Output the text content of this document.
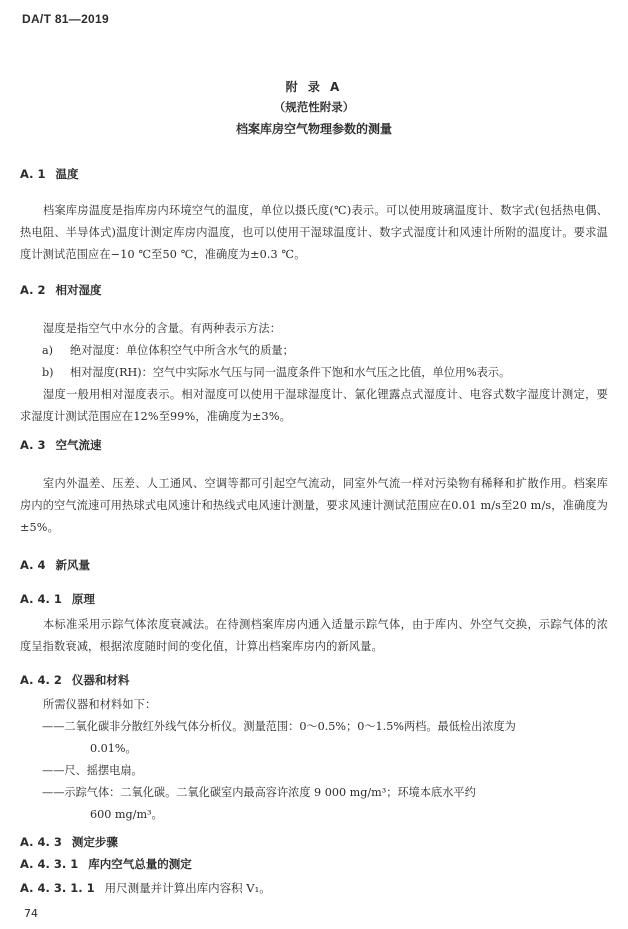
DA/T 81—2019
附 录 A
（规范性附录）
档案库房空气物理参数的测量
A. 1 温度
档案库房温度是指库房内环境空气的温度，单位以摄氏度(℃)表示。可以使用玻璃温度计、数字式(包括热电偶、热电阻、半导体式)温度计测定库房内温度，也可以使用干湿球温度计、数字式湿度计和风速计所附的温度计。要求温度计测试范围应在−10 ℃至50 ℃，准确度为±0.3 ℃。
A. 2 相对湿度
湿度是指空气中水分的含量。有两种表示方法：
a) 绝对湿度：单位体积空气中所含水气的质量；
b) 相对湿度(RH)：空气中实际水气压与同一温度条件下饱和水气压之比值，单位用%表示。
湿度一般用相对湿度表示。相对湿度可以使用干湿球湿度计、氯化锂露点式湿度计、电容式数字湿度计测定，要求湿度计测试范围应在12%至99%，准确度为±3%。
A. 3 空气流速
室内外温差、压差、人工通风、空调等都可引起空气流动，同室外气流一样对污染物有稀释和扩散作用。档案库房内的空气流速可用热球式电风速计和热线式电风速计测量，要求风速计测试范围应在0.01 m/s至20 m/s，准确度为±5%。
A. 4 新风量
A. 4. 1 原理
本标准采用示踪气体浓度衰减法。在待测档案库房内通入适量示踪气体，由于库内、外空气交换，示踪气体的浓度呈指数衰减，根据浓度随时间的变化值，计算出档案库房内的新风量。
A. 4. 2 仪器和材料
所需仪器和材料如下：
——二氧化碳非分散红外线气体分析仪。测量范围：0～0.5%；0～1.5%两档。最低检出浓度为
0.01%。
——尺、摇摆电扇。
——示踪气体：二氧化碳。二氧化碳室内最高容许浓度 9 000 mg/m³；环境本底水平约
600 mg/m³。
A. 4. 3 测定步骤
A. 4. 3. 1 库内空气总量的测定
A. 4. 3. 1. 1 用尺测量并计算出库内容积 V₁。
74
